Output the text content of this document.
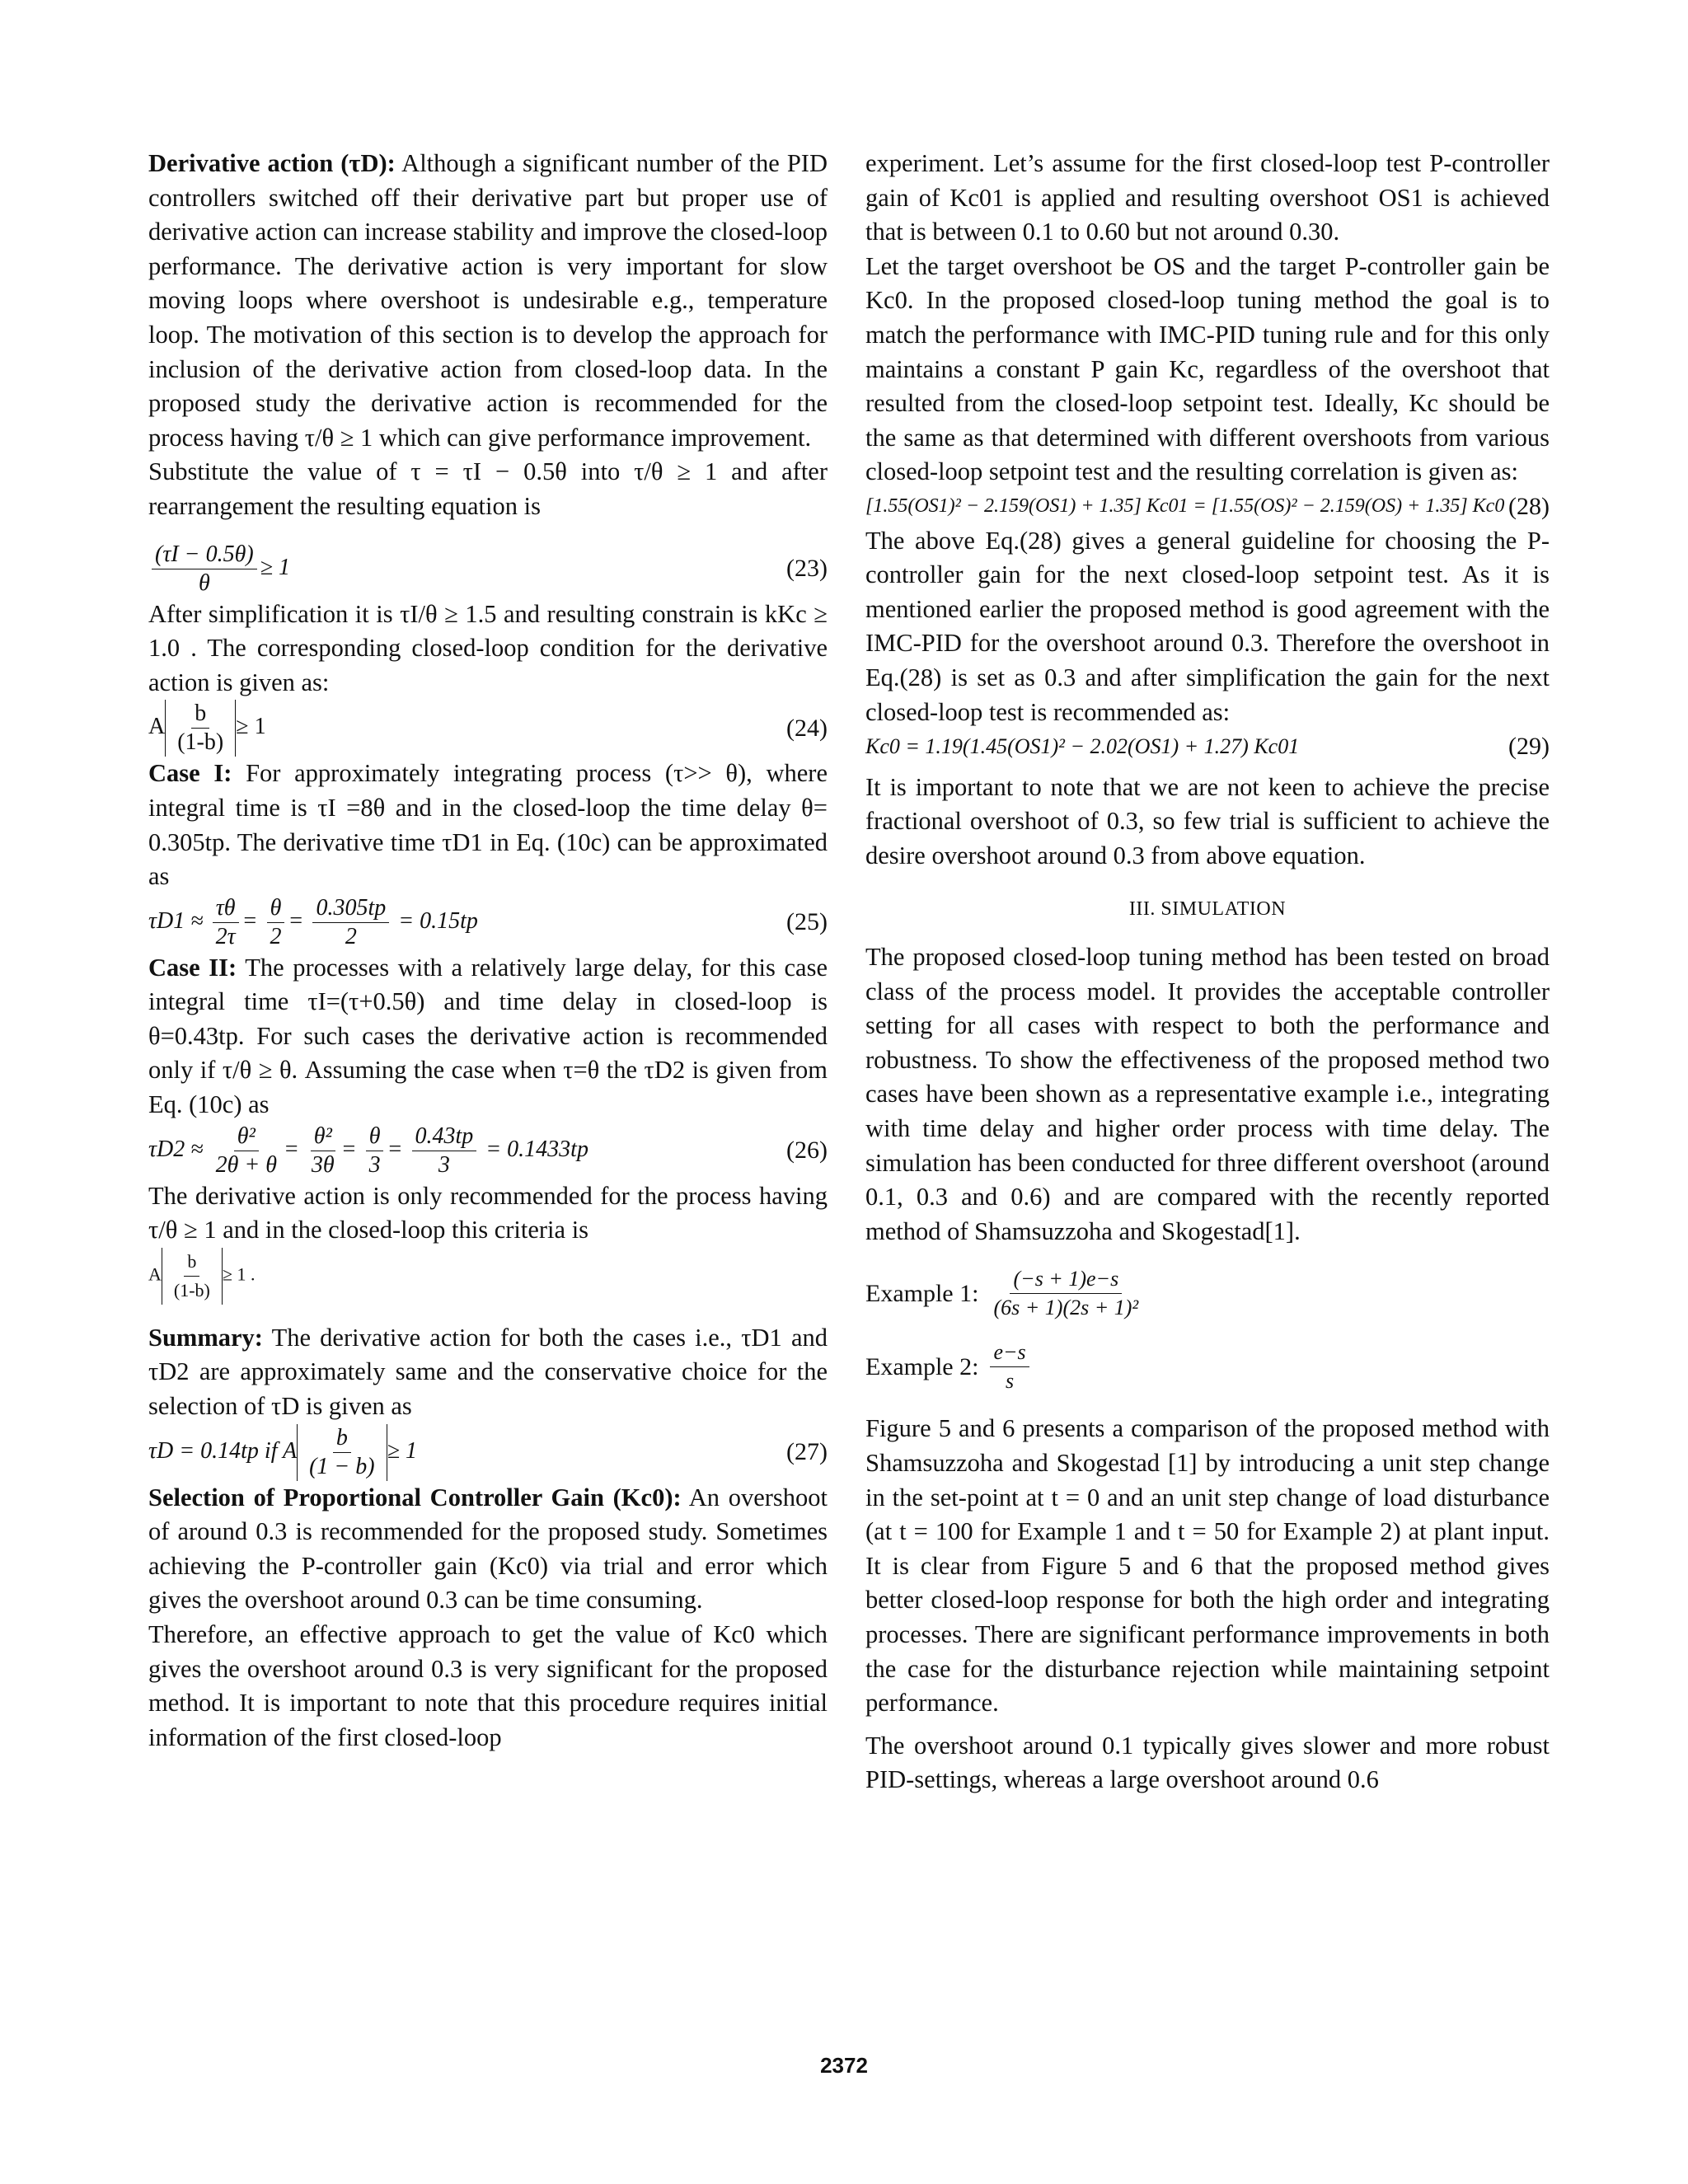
Derivative action (τD): Although a significant number of the PID controllers switched off their derivative part but proper use of derivative action can increase stability and improve the closed-loop performance. The derivative action is very important for slow moving loops where overshoot is undesirable e.g., temperature loop. The motivation of this section is to develop the approach for inclusion of the derivative action from closed-loop data. In the proposed study the derivative action is recommended for the process having τ/θ ≥ 1 which can give performance improvement.

Substitute the value of τ = τI − 0.5θ into τ/θ ≥ 1 and after rearrangement the resulting equation is

$\frac{(\tau I - 0.5\theta)}{\theta} \ge 1$	(23)

After simplification it is τI/θ ≥ 1.5 and resulting constrain is kKc ≥ 1.0 . The corresponding closed-loop condition for the derivative action is given as:

A $\frac{b}{(1-b)} \ge 1$	(24)

Case I: For approximately integrating process (τ>> θ), where integral time is τI =8θ and in the closed-loop the time delay θ= 0.305tp. The derivative time τD1 in Eq. (10c) can be approximated as

$\tau D1 \approx \frac{\tau\theta}{2\tau} = \frac{\theta}{2} = \frac{0.305tp}{2} = 0.15tp$	(25)

Case II: The processes with a relatively large delay, for this case integral time τI=(τ+0.5θ) and time delay in closed-loop is θ=0.43tp. For such cases the derivative action is recommended only if τ/θ ≥ θ. Assuming the case when τ=θ the τD2 is given from Eq. (10c) as

$\tau D2 \approx \frac{\text{θ²}}{2\theta + \theta} = \frac{\text{θ²}}{3\theta} = \frac{\theta}{3} = \frac{0.43tp}{3} = 0.1433tp$	(26)

The derivative action is only recommended for the process having τ/θ ≥ 1 and in the closed-loop this criteria is

A $\frac{b}{(1-b)} \ge 1$ .

Summary: The derivative action for both the cases i.e., τD1 and τD2 are approximately same and the conservative choice for the selection of τD is given as

τD = 0.14tp if A $\frac{b}{(1 - b)} \ge 1$	(27)

Selection of Proportional Controller Gain (Kc0): An overshoot of around 0.3 is recommended for the proposed study. Sometimes achieving the P-controller gain (Kc0) via trial and error which gives the overshoot around 0.3 can be time consuming.

Therefore, an effective approach to get the value of Kc0 which gives the overshoot around 0.3 is very significant for the proposed method. It is important to note that this procedure requires initial information of the first closed-loop

experiment. Let’s assume for the first closed-loop test P-controller gain of Kc01 is applied and resulting overshoot OS1 is achieved that is between 0.1 to 0.60 but not around 0.30.

Let the target overshoot be OS and the target P-controller gain be Kc0. In the proposed closed-loop tuning method the goal is to match the performance with IMC-PID tuning rule and for this only maintains a constant P gain Kc, regardless of the overshoot that resulted from the closed-loop setpoint test. Ideally, Kc should be the same as that determined with different overshoots from various closed-loop setpoint test and the resulting correlation is given as:

[1.55(OS1)² − 2.159(OS1) + 1.35] Kc01 = [1.55(OS)² − 2.159(OS) + 1.35] Kc0 (28)

The above Eq.(28) gives a general guideline for choosing the P-controller gain for the next closed-loop setpoint test. As it is mentioned earlier the proposed method is good agreement with the IMC-PID for the overshoot around 0.3. Therefore the overshoot in Eq.(28) is set as 0.3 and after simplification the gain for the next closed-loop test is recommended as:

Kc0 = 1.19(1.45(OS1)² − 2.02(OS1) + 1.27) Kc01	(29)

It is important to note that we are not keen to achieve the precise fractional overshoot of 0.3, so few trial is sufficient to achieve the desire overshoot around 0.3 from above equation.

III. SIMULATION

The proposed closed-loop tuning method has been tested on broad class of the process model. It provides the acceptable controller setting for all cases with respect to both the performance and robustness. To show the effectiveness of the proposed method two cases have been shown as a representative example i.e., integrating with time delay and higher order process with time delay. The simulation has been conducted for three different overshoot (around 0.1, 0.3 and 0.6) and are compared with the recently reported method of Shamsuzzoha and Skogestad[1].

Example 1: $\frac{(-s + 1)e-s}{\text{(6s + 1)(2s + 1)²}}$
Example 2: $\frac{e-s}{s}$

Figure 5 and 6 presents a comparison of the proposed method with Shamsuzzoha and Skogestad [1] by introducing a unit step change in the set-point at t = 0 and an unit step change of load disturbance (at t = 100 for Example 1 and t = 50 for Example 2) at plant input. It is clear from Figure 5 and 6 that the proposed method gives better closed-loop response for both the high order and integrating processes. There are significant performance improvements in both the case for the disturbance rejection while maintaining setpoint performance.

The overshoot around 0.1 typically gives slower and more robust PID-settings, whereas a large overshoot around 0.6

2372
